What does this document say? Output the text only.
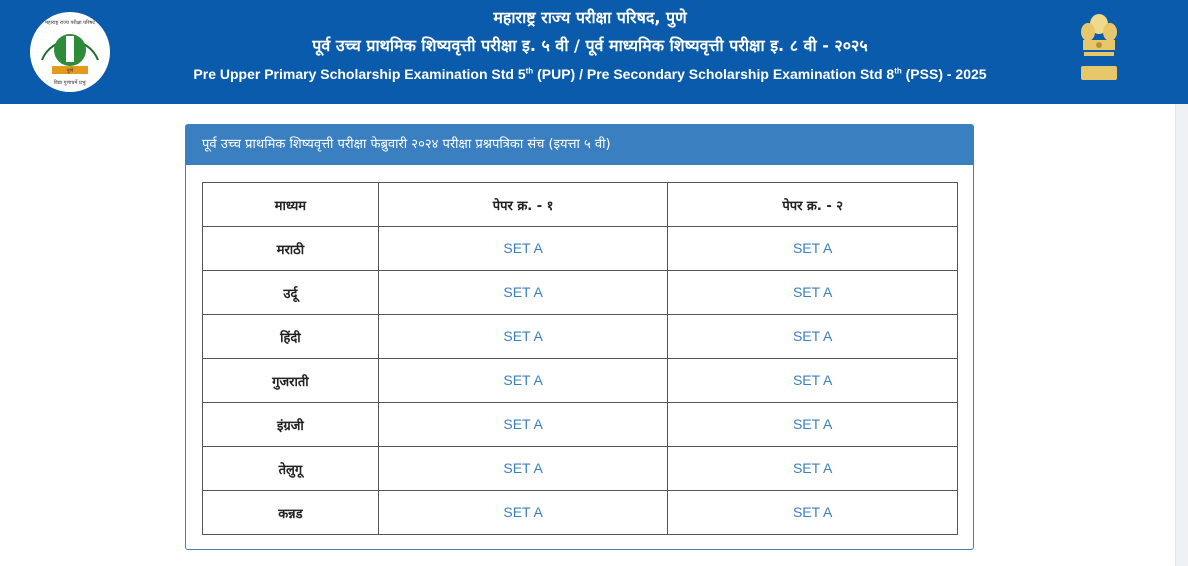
महाराष्ट्र राज्य परीक्षा परिषद
पुणे
विद्या गुणाधर्मे प्रभुः
महाराष्ट्र राज्य परीक्षा परिषद, पुणे
पूर्व उच्च प्राथमिक शिष्यवृत्ती परीक्षा इ. ५ वी / पूर्व माध्यमिक शिष्यवृत्ती परीक्षा इ. ८ वी - २०२५
Pre Upper Primary Scholarship Examination Std 5th (PUP) / Pre Secondary Scholarship Examination Std 8th (PSS) - 2025
पूर्व उच्च प्राथमिक शिष्यवृत्ती परीक्षा फेब्रुवारी २०२४ परीक्षा प्रश्नपत्रिका संच (इयत्ता ५ वी)
माध्यम	पेपर क्र. - १	पेपर क्र. - २
मराठी	SET A	SET A
उर्दू	SET A	SET A
हिंदी	SET A	SET A
गुजराती	SET A	SET A
इंग्रजी	SET A	SET A
तेलुगू	SET A	SET A
कन्नड	SET A	SET A
